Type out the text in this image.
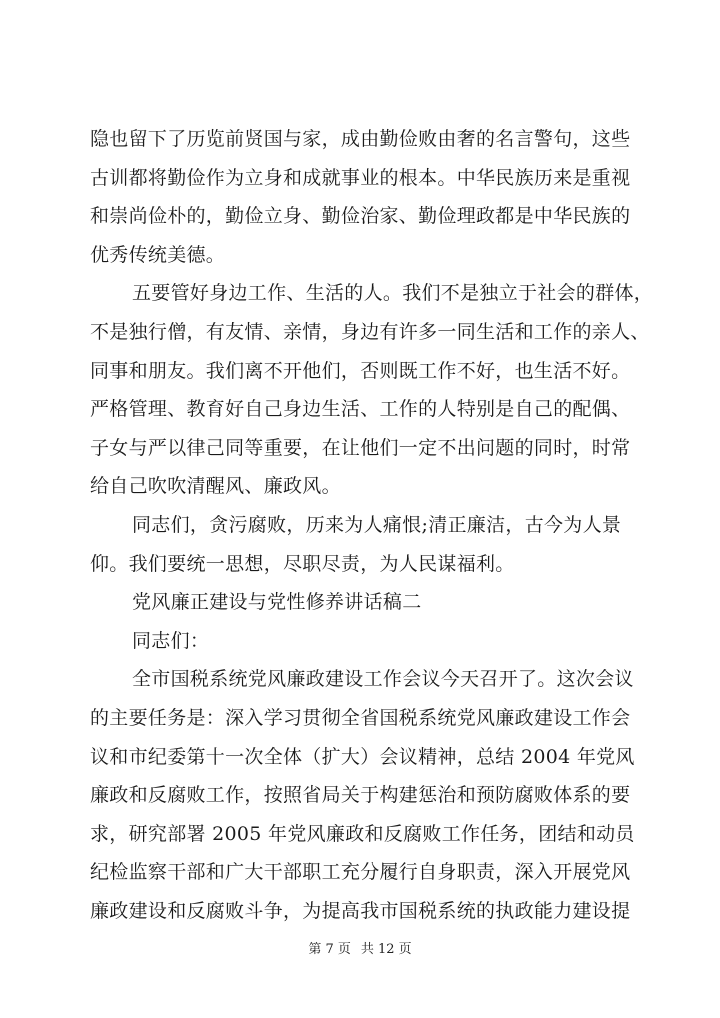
隐也留下了历览前贤国与家，成由勤俭败由奢的名言警句，这些
古训都将勤俭作为立身和成就事业的根本。中华民族历来是重视
和崇尚俭朴的，勤俭立身、勤俭治家、勤俭理政都是中华民族的
优秀传统美德。
五要管好身边工作、生活的人。我们不是独立于社会的群体，
不是独行僧，有友情、亲情，身边有许多一同生活和工作的亲人、
同事和朋友。我们离不开他们，否则既工作不好，也生活不好。
严格管理、教育好自己身边生活、工作的人特别是自己的配偶、
子女与严以律己同等重要，在让他们一定不出问题的同时，时常
给自己吹吹清醒风、廉政风。
同志们，贪污腐败，历来为人痛恨;清正廉洁，古今为人景
仰。我们要统一思想，尽职尽责，为人民谋福利。
党风廉正建设与党性修养讲话稿二
同志们：
全市国税系统党风廉政建设工作会议今天召开了。这次会议
的主要任务是：深入学习贯彻全省国税系统党风廉政建设工作会
议和市纪委第十一次全体（扩大）会议精神，总结 2004 年党风
廉政和反腐败工作，按照省局关于构建惩治和预防腐败体系的要
求，研究部署 2005 年党风廉政和反腐败工作任务，团结和动员
纪检监察干部和广大干部职工充分履行自身职责，深入开展党风
廉政建设和反腐败斗争，为提高我市国税系统的执政能力建设提
第 7 页 共 12 页
